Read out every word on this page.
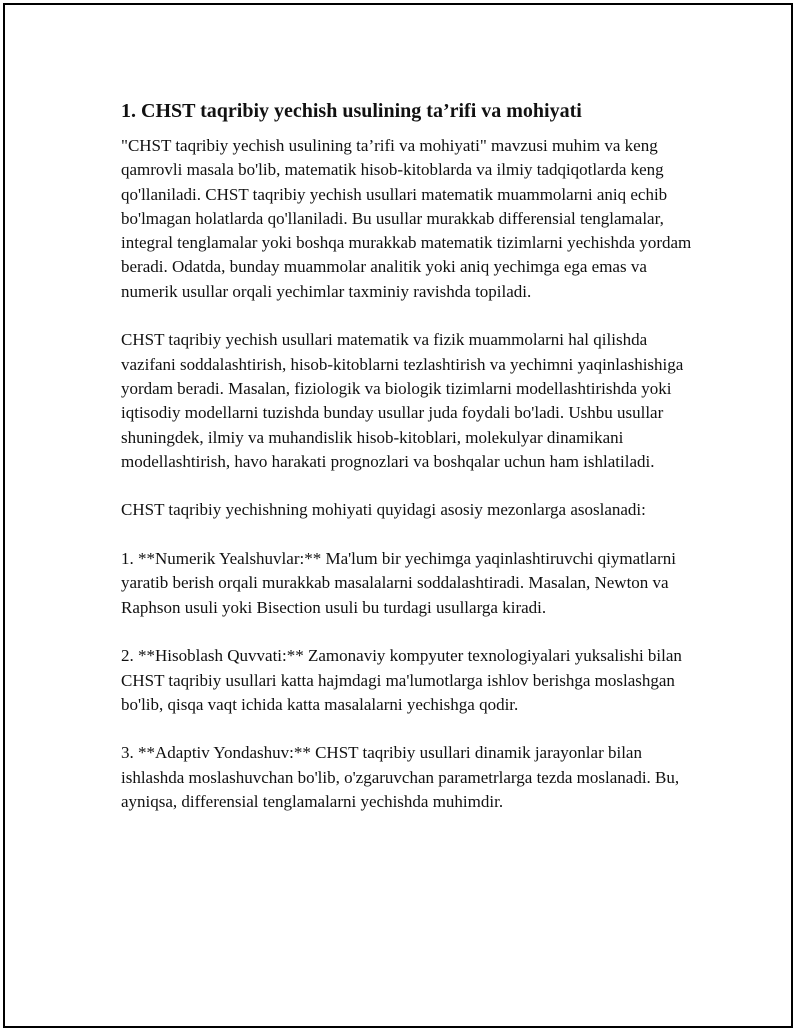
1. CHST taqribiy yechish usulining ta’rifi va mohiyati

"CHST taqribiy yechish usulining ta’rifi va mohiyati" mavzusi muhim va keng qamrovli masala bo'lib, matematik hisob-kitoblarda va ilmiy tadqiqotlarda keng qo'llaniladi. CHST taqribiy yechish usullari matematik muammolarni aniq echib bo'lmagan holatlarda qo'llaniladi. Bu usullar murakkab differensial tenglamalar, integral tenglamalar yoki boshqa murakkab matematik tizimlarni yechishda yordam beradi. Odatda, bunday muammolar analitik yoki aniq yechimga ega emas va numerik usullar orqali yechimlar taxminiy ravishda topiladi.

CHST taqribiy yechish usullari matematik va fizik muammolarni hal qilishda vazifani soddalashtirish, hisob-kitoblarni tezlashtirish va yechimni yaqinlashishiga yordam beradi. Masalan, fiziologik va biologik tizimlarni modellashtirishda yoki iqtisodiy modellarni tuzishda bunday usullar juda foydali bo'ladi. Ushbu usullar shuningdek, ilmiy va muhandislik hisob-kitoblari, molekulyar dinamikani modellashtirish, havo harakati prognozlari va boshqalar uchun ham ishlatiladi.

CHST taqribiy yechishning mohiyati quyidagi asosiy mezonlarga asoslanadi:

1. **Numerik Yealshuvlar:** Ma'lum bir yechimga yaqinlashtiruvchi qiymatlarni yaratib berish orqali murakkab masalalarni soddalashtiradi. Masalan, Newton va Raphson usuli yoki Bisection usuli bu turdagi usullarga kiradi.

2. **Hisoblash Quvvati:** Zamonaviy kompyuter texnologiyalari yuksalishi bilan CHST taqribiy usullari katta hajmdagi ma'lumotlarga ishlov berishga moslashgan bo'lib, qisqa vaqt ichida katta masalalarni yechishga qodir.

3. **Adaptiv Yondashuv:** CHST taqribiy usullari dinamik jarayonlar bilan ishlashda moslashuvchan bo'lib, o'zgaruvchan parametrlarga tezda moslanadi. Bu, ayniqsa, differensial tenglamalarni yechishda muhimdir.
